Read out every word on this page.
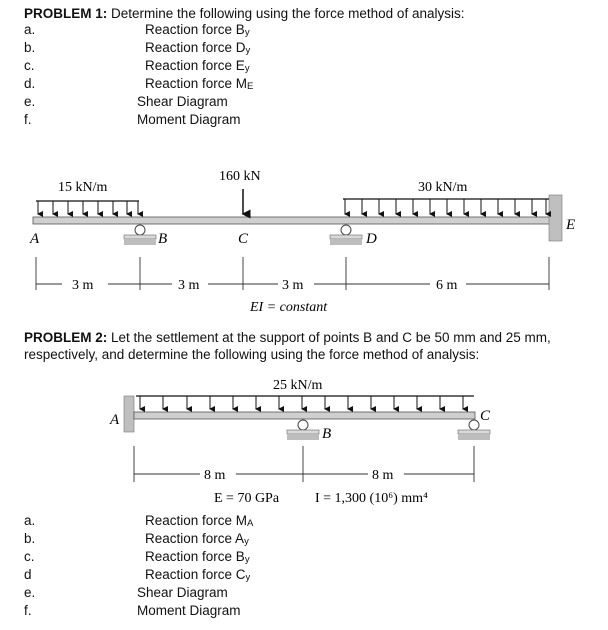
PROBLEM 1: Determine the following using the force method of analysis:
a.	Reaction force By
b.	Reaction force Dy
c.	Reaction force Ey
d.	Reaction force ME
e.	Shear Diagram
f.	Moment Diagram
15 kN/m
160 kN
30 kN/m
A	B	C	D
E
3 m	3 m	3 m	6 m
EI = constant
PROBLEM 2: Let the settlement at the support of points B and C be 50 mm and 25 mm,
respectively, and determine the following using the force method of analysis:
25 kN/m
A
B
C
8 m	8 m
E = 70 GPa	I = 1,300 (10⁶) mm⁴
a.	Reaction force MA
b.	Reaction force Ay
c.	Reaction force By
d	Reaction force Cy
e.	Shear Diagram
f.	Moment Diagram
